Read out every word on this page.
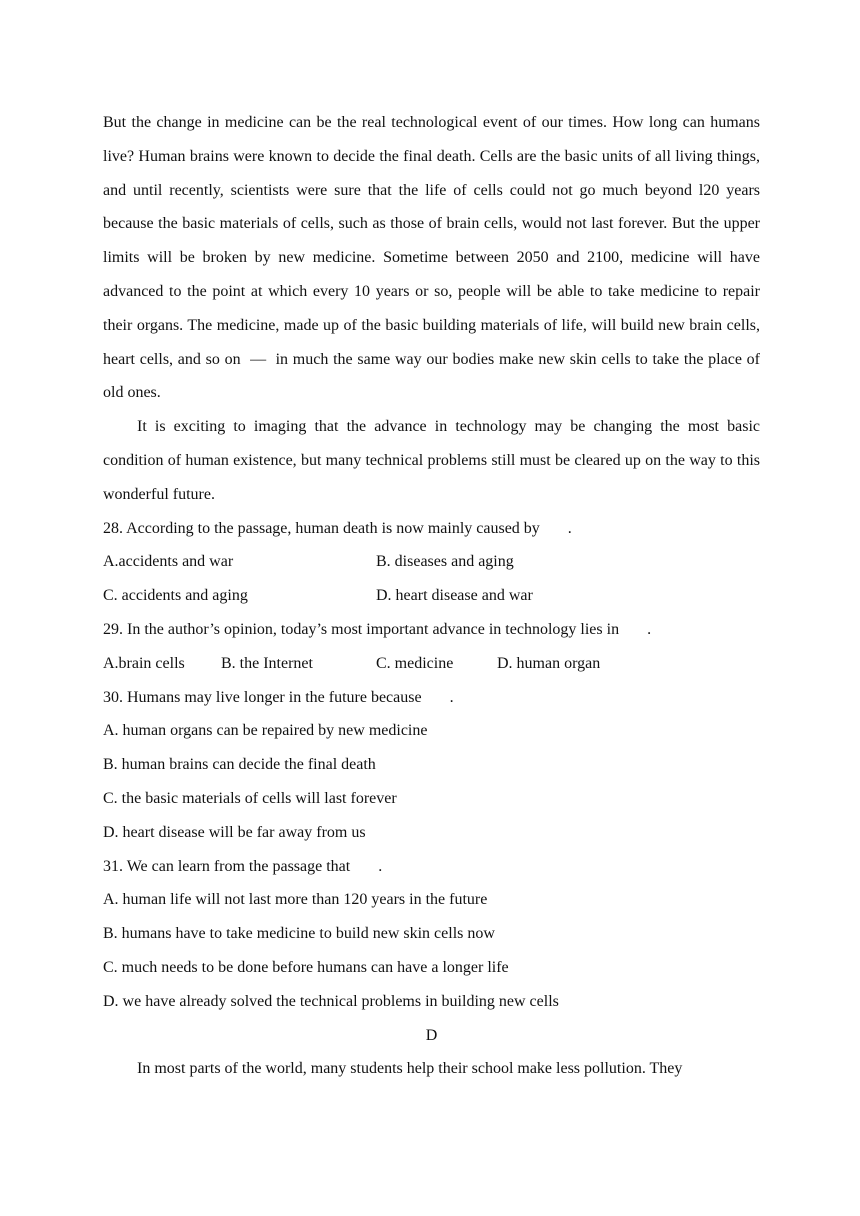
But the change in medicine can be the real technological event of our times. How long can humans live? Human brains were known to decide the final death. Cells are the basic units of all living things, and until recently, scientists were sure that the life of cells could not go much beyond l20 years because the basic materials of cells, such as those of brain cells, would not last forever. But the upper limits will be broken by new medicine. Sometime between 2050 and 2100, medicine will have advanced to the point at which every 10 years or so, people will be able to take medicine to repair their organs. The medicine, made up of the basic building materials of life, will build new brain cells, heart cells, and so on  —  in much the same way our bodies make new skin cells to take the place of old ones.

It is exciting to imaging that the advance in technology may be changing the most basic condition of human existence, but many technical problems still must be cleared up on the way to this wonderful future.

28. According to the passage, human death is now mainly caused by .

A.accidents and war	B. diseases and aging
C. accidents and aging	D. heart disease and war

29. In the author’s opinion, today’s most important advance in technology lies in .

A.brain cells	B. the Internet	C. medicine	D. human organ

30. Humans may live longer in the future because .

A. human organs can be repaired by new medicine

B. human brains can decide the final death

C. the basic materials of cells will last forever

D. heart disease will be far away from us

31. We can learn from the passage that .

A. human life will not last more than 120 years in the future

B. humans have to take medicine to build new skin cells now

C. much needs to be done before humans can have a longer life

D. we have already solved the technical problems in building new cells

D

In most parts of the world, many students help their school make less pollution. They
